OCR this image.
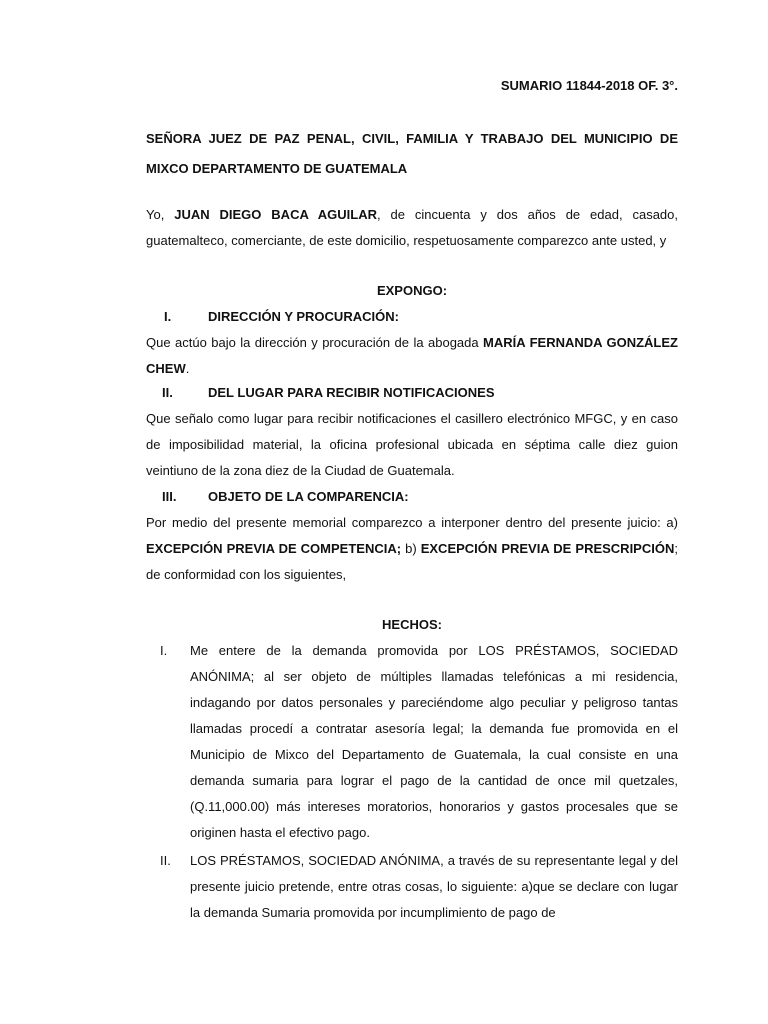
SUMARIO 11844-2018 OF. 3°.
SEÑORA JUEZ DE PAZ PENAL, CIVIL, FAMILIA Y TRABAJO DEL MUNICIPIO DE MIXCO DEPARTAMENTO DE GUATEMALA
Yo, JUAN DIEGO BACA AGUILAR, de cincuenta y dos años de edad, casado, guatemalteco, comerciante, de este domicilio, respetuosamente comparezco ante usted, y
EXPONGO:
I.	DIRECCIÓN Y PROCURACIÓN:
Que actúo bajo la dirección y procuración de la abogada MARÍA FERNANDA GONZÁLEZ CHEW.
II.	DEL LUGAR PARA RECIBIR NOTIFICACIONES
Que señalo como lugar para recibir notificaciones el casillero electrónico MFGC, y en caso de imposibilidad material, la oficina profesional ubicada en séptima calle diez guion veintiuno de la zona diez de la Ciudad de Guatemala.
III. OBJETO DE LA COMPARENCIA:
Por medio del presente memorial comparezco a interponer dentro del presente juicio: a) EXCEPCIÓN PREVIA DE COMPETENCIA; b) EXCEPCIÓN PREVIA DE PRESCRIPCIÓN; de conformidad con los siguientes,
HECHOS:
I. Me entere de la demanda promovida por LOS PRÉSTAMOS, SOCIEDAD ANÓNIMA; al ser objeto de múltiples llamadas telefónicas a mi residencia, indagando por datos personales y pareciéndome algo peculiar y peligroso tantas llamadas procedí a contratar asesoría legal; la demanda fue promovida en el Municipio de Mixco del Departamento de Guatemala, la cual consiste en una demanda sumaria para lograr el pago de la cantidad de once mil quetzales, (Q.11,000.00) más intereses moratorios, honorarios y gastos procesales que se originen hasta el efectivo pago.
II. LOS PRÉSTAMOS, SOCIEDAD ANÓNIMA, a través de su representante legal y del presente juicio pretende, entre otras cosas, lo siguiente: a)que se declare con lugar la demanda Sumaria promovida por incumplimiento de pago de
